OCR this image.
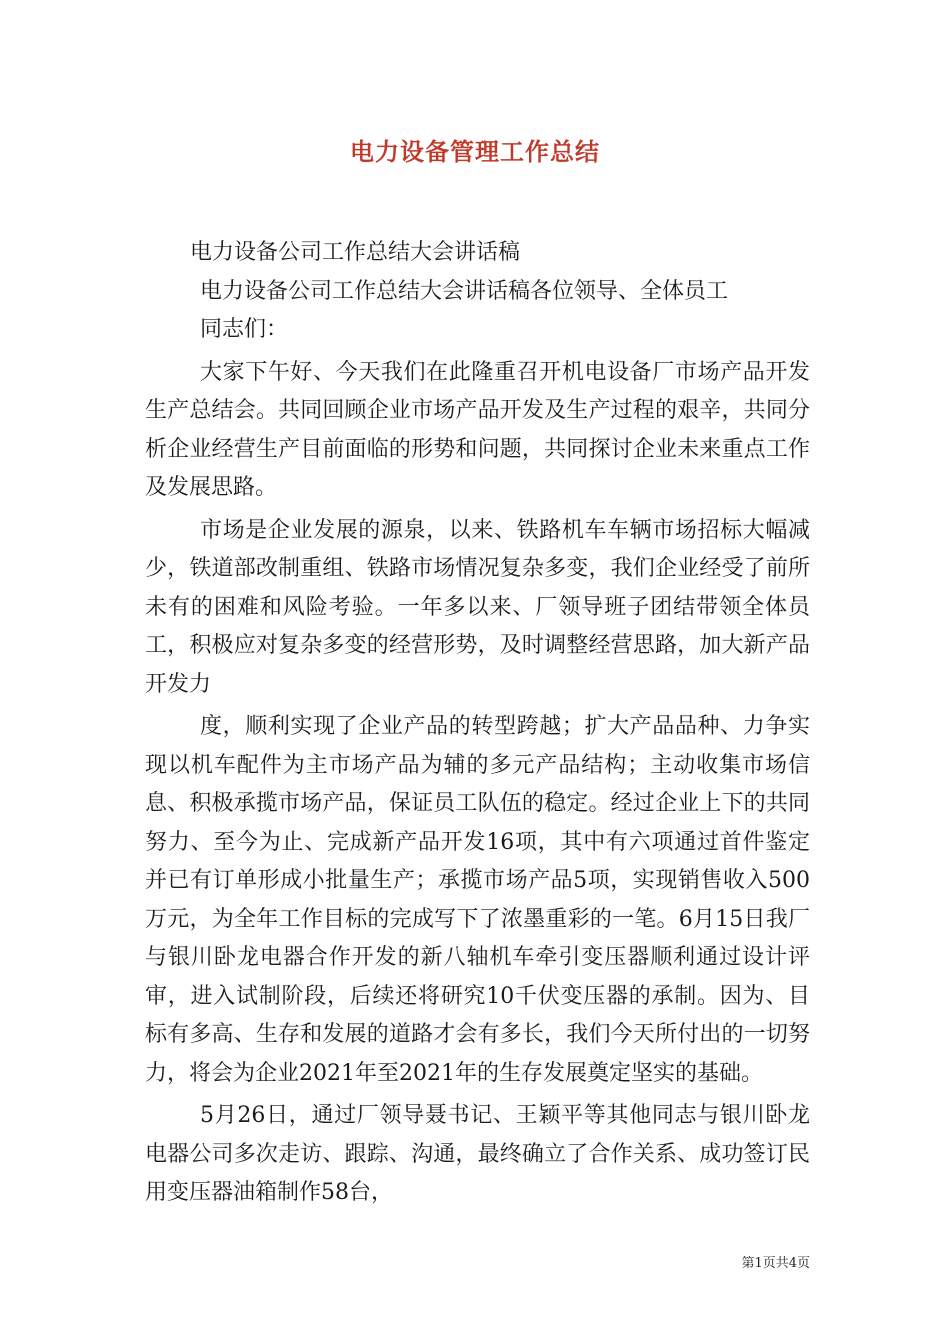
电力设备管理工作总结

电力设备公司工作总结大会讲话稿

电力设备公司工作总结大会讲话稿各位领导、全体员工

同志们：

大家下午好、今天我们在此隆重召开机电设备厂市场产品开发生产总结会。共同回顾企业市场产品开发及生产过程的艰辛，共同分析企业经营生产目前面临的形势和问题，共同探讨企业未来重点工作及发展思路。

市场是企业发展的源泉，以来、铁路机车车辆市场招标大幅减少，铁道部改制重组、铁路市场情况复杂多变，我们企业经受了前所未有的困难和风险考验。一年多以来、厂领导班子团结带领全体员工，积极应对复杂多变的经营形势，及时调整经营思路，加大新产品开发力

度，顺利实现了企业产品的转型跨越；扩大产品品种、力争实现以机车配件为主市场产品为辅的多元产品结构；主动收集市场信息、积极承揽市场产品，保证员工队伍的稳定。经过企业上下的共同努力、至今为止、完成新产品开发16项，其中有六项通过首件鉴定并已有订单形成小批量生产；承揽市场产品5项，实现销售收入500万元，为全年工作目标的完成写下了浓墨重彩的一笔。6月15日我厂与银川卧龙电器合作开发的新八轴机车牵引变压器顺利通过设计评审，进入试制阶段，后续还将研究10千伏变压器的承制。因为、目标有多高、生存和发展的道路才会有多长，我们今天所付出的一切努力，将会为企业2021年至2021年的生存发展奠定坚实的基础。

5月26日，通过厂领导聂书记、王颖平等其他同志与银川卧龙电器公司多次走访、跟踪、沟通，最终确立了合作关系、成功签订民用变压器油箱制作58台，

第1页共4页
